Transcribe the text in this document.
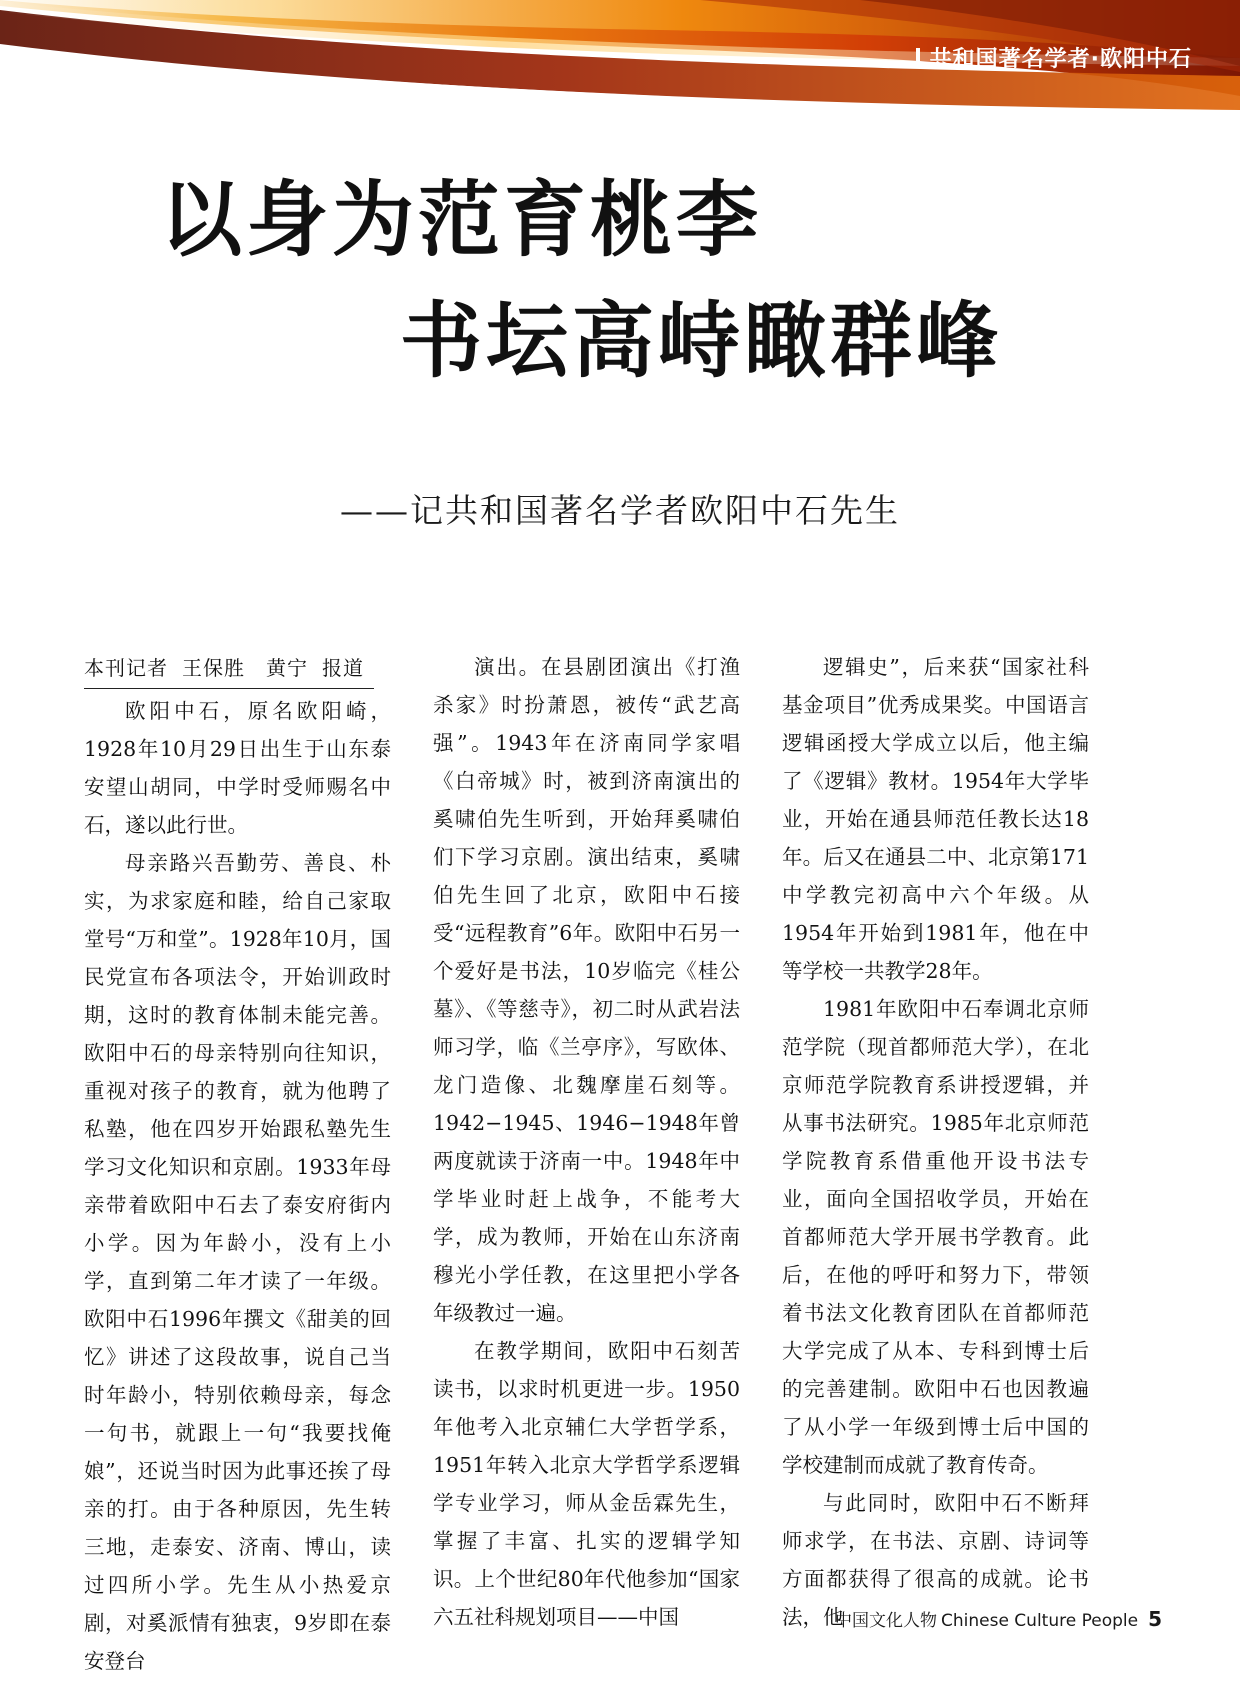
共和国著名学者·欧阳中石
以身为范育桃李
书坛高峙瞰群峰
——记共和国著名学者欧阳中石先生
本刊记者 王保胜　黄宁 报道

欧阳中石，原名欧阳崎，1928年10月29日出生于山东泰安望山胡同，中学时受师赐名中石，遂以此行世。

母亲路兴吾勤劳、善良、朴实，为求家庭和睦，给自己家取堂号“万和堂”。1928年10月，国民党宣布各项法令，开始训政时期，这时的教育体制未能完善。欧阳中石的母亲特别向往知识，重视对孩子的教育，就为他聘了私塾，他在四岁开始跟私塾先生学习文化知识和京剧。1933年母亲带着欧阳中石去了泰安府街内小学。因为年龄小，没有上小学，直到第二年才读了一年级。欧阳中石1996年撰文《甜美的回忆》讲述了这段故事，说自己当时年龄小，特别依赖母亲，每念一句书，就跟上一句“我要找俺娘”，还说当时因为此事还挨了母亲的打。由于各种原因，先生转三地，走泰安、济南、博山，读过四所小学。先生从小热爱京剧，对奚派情有独衷，9岁即在泰安登台

演出。在县剧团演出《打渔杀家》时扮萧恩，被传“武艺高强”。1943年在济南同学家唱《白帝城》时，被到济南演出的奚啸伯先生听到，开始拜奚啸伯们下学习京剧。演出结束，奚啸伯先生回了北京，欧阳中石接受“远程教育”6年。欧阳中石另一个爱好是书法，10岁临完《桂公墓》、《等慈寺》，初二时从武岩法师习学，临《兰亭序》，写欧体、龙门造像、北魏摩崖石刻等。1942−1945、1946−1948年曾两度就读于济南一中。1948年中学毕业时赶上战争，不能考大学，成为教师，开始在山东济南穆光小学任教，在这里把小学各年级教过一遍。

在教学期间，欧阳中石刻苦读书，以求时机更进一步。1950年他考入北京辅仁大学哲学系，1951年转入北京大学哲学系逻辑学专业学习，师从金岳霖先生，掌握了丰富、扎实的逻辑学知识。上个世纪80年代他参加“国家六五社科规划项目——中国

逻辑史”，后来获“国家社科基金项目”优秀成果奖。中国语言逻辑函授大学成立以后，他主编了《逻辑》教材。1954年大学毕业，开始在通县师范任教长达18年。后又在通县二中、北京第171中学教完初高中六个年级。从1954年开始到1981年，他在中等学校一共教学28年。

1981年欧阳中石奉调北京师范学院（现首都师范大学），在北京师范学院教育系讲授逻辑，并从事书法研究。1985年北京师范学院教育系借重他开设书法专业，面向全国招收学员，开始在首都师范大学开展书学教育。此后，在他的呼吁和努力下，带领着书法文化教育团队在首都师范大学完成了从本、专科到博士后的完善建制。欧阳中石也因教遍了从小学一年级到博士后中国的学校建制而成就了教育传奇。

与此同时，欧阳中石不断拜师求学，在书法、京剧、诗词等方面都获得了很高的成就。论书法，他

中国文化人物 Chinese Culture People 5
